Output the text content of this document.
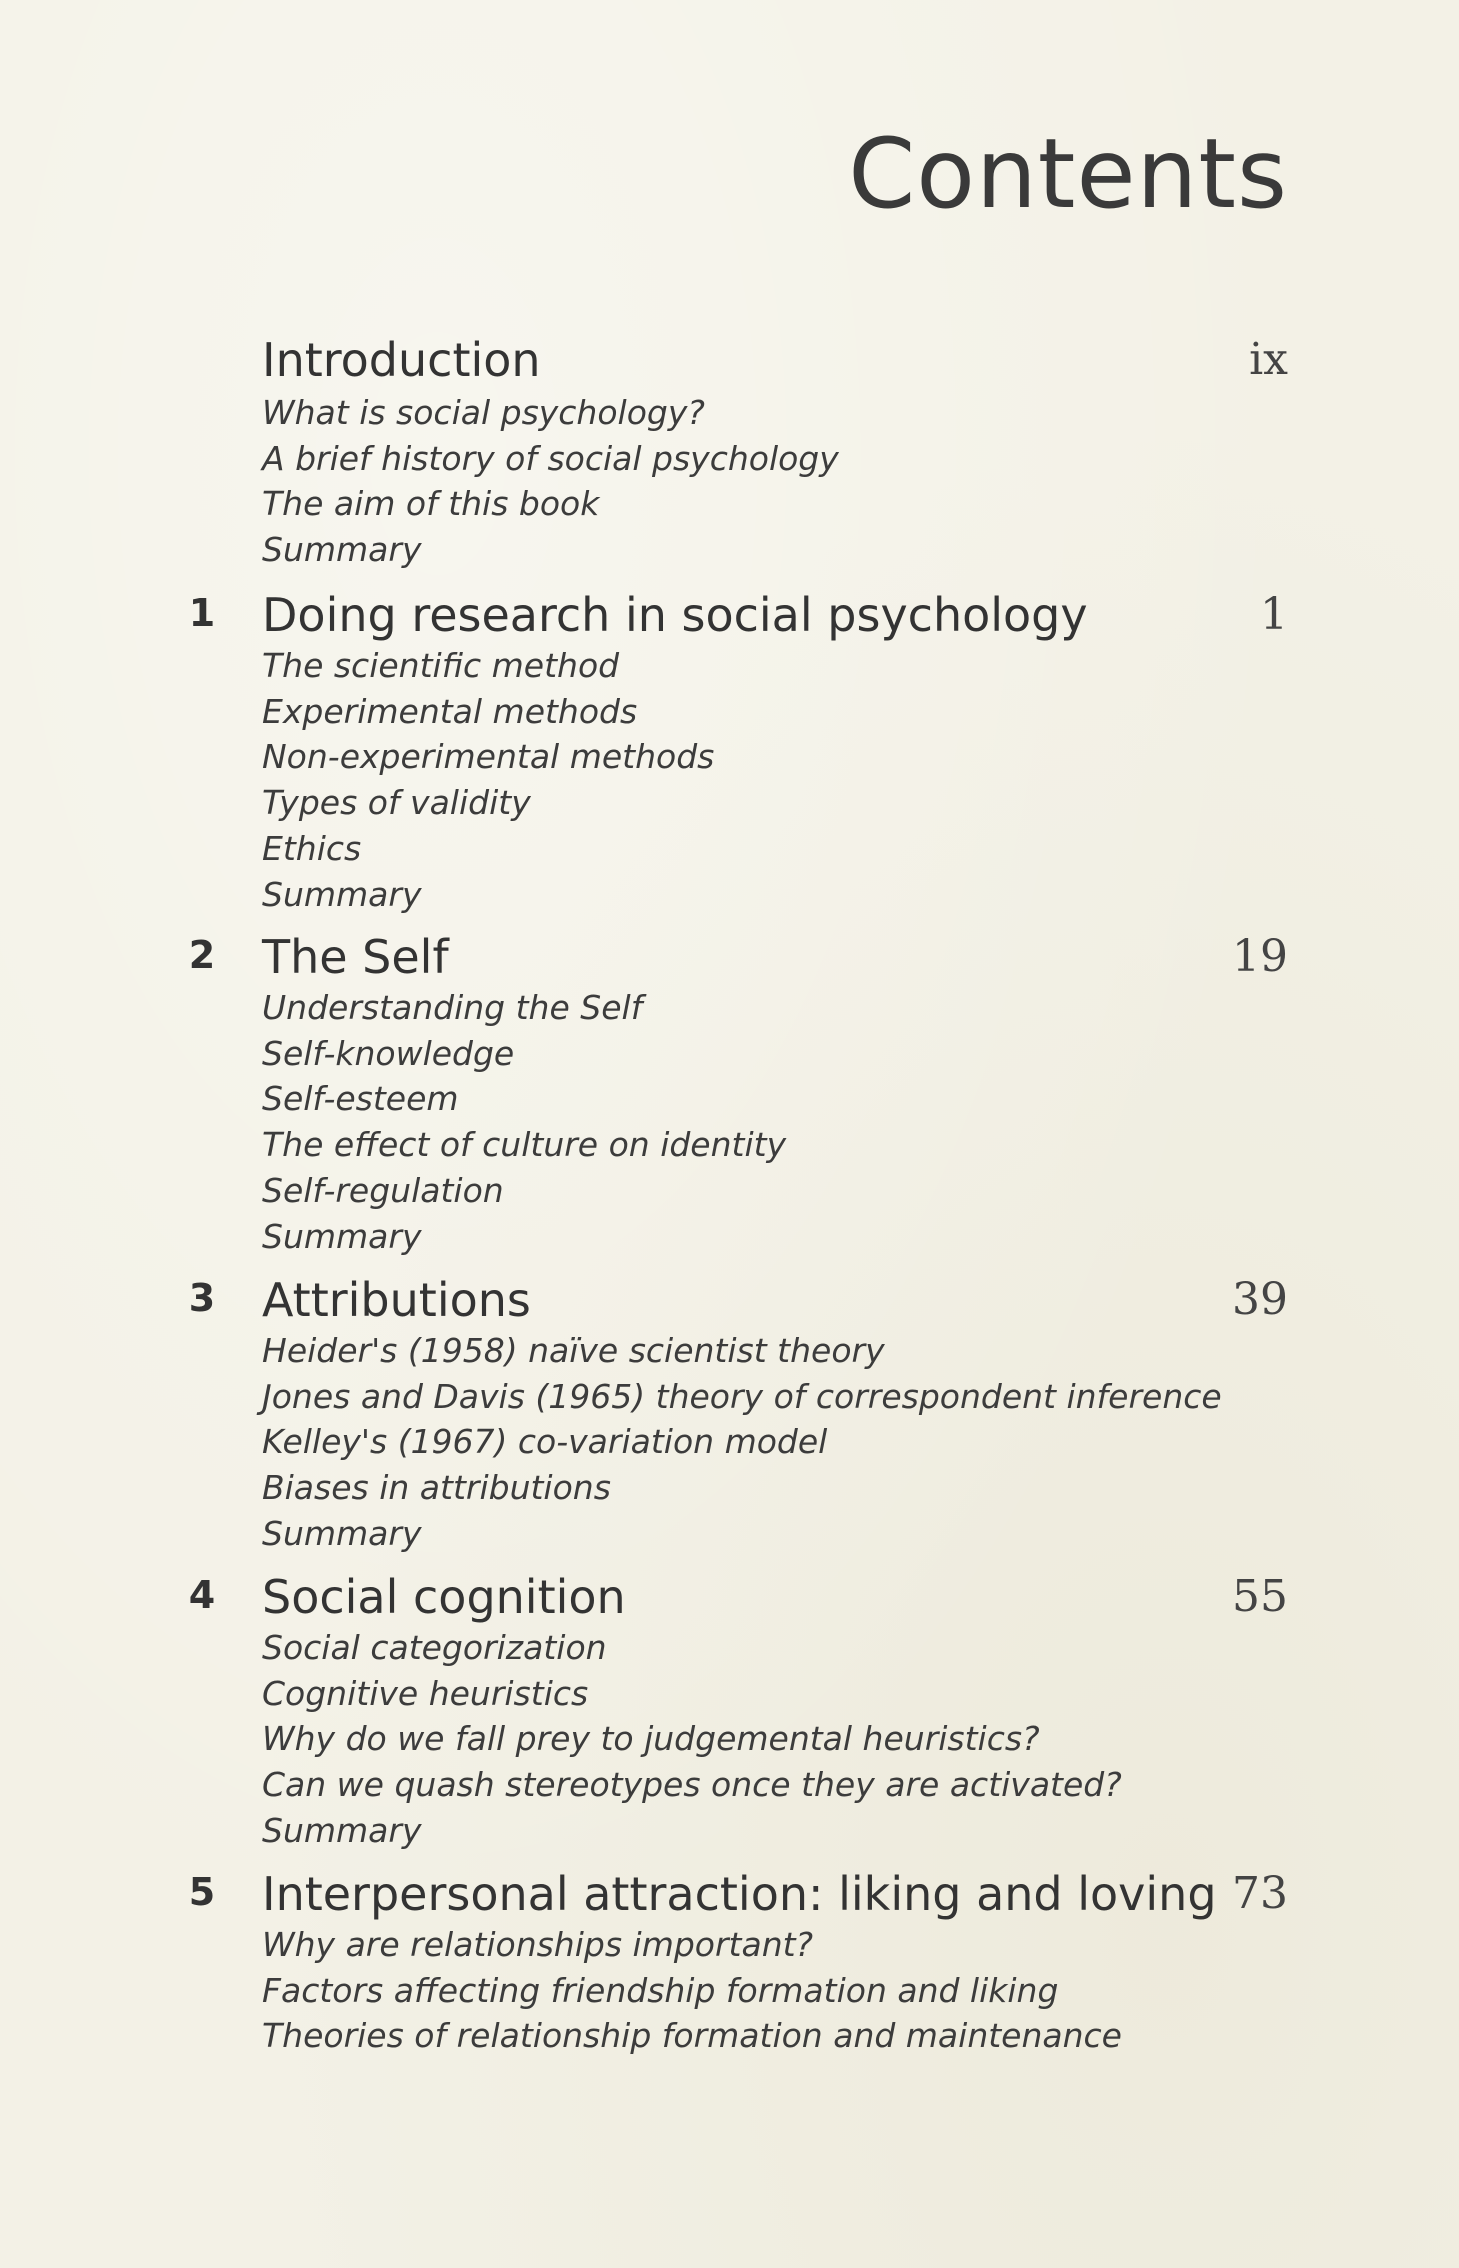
Contents
Introduction	ix
What is social psychology?
A brief history of social psychology
The aim of this book
Summary
1 Doing research in social psychology	1
The scientific method
Experimental methods
Non-experimental methods
Types of validity
Ethics
Summary
2 The Self	19
Understanding the Self
Self-knowledge
Self-esteem
The effect of culture on identity
Self-regulation
Summary
3 Attributions	39
Heider's (1958) naïve scientist theory
Jones and Davis (1965) theory of correspondent inference
Kelley's (1967) co-variation model
Biases in attributions
Summary
4 Social cognition	55
Social categorization
Cognitive heuristics
Why do we fall prey to judgemental heuristics?
Can we quash stereotypes once they are activated?
Summary
5 Interpersonal attraction: liking and loving 73
Why are relationships important?
Factors affecting friendship formation and liking
Theories of relationship formation and maintenance
